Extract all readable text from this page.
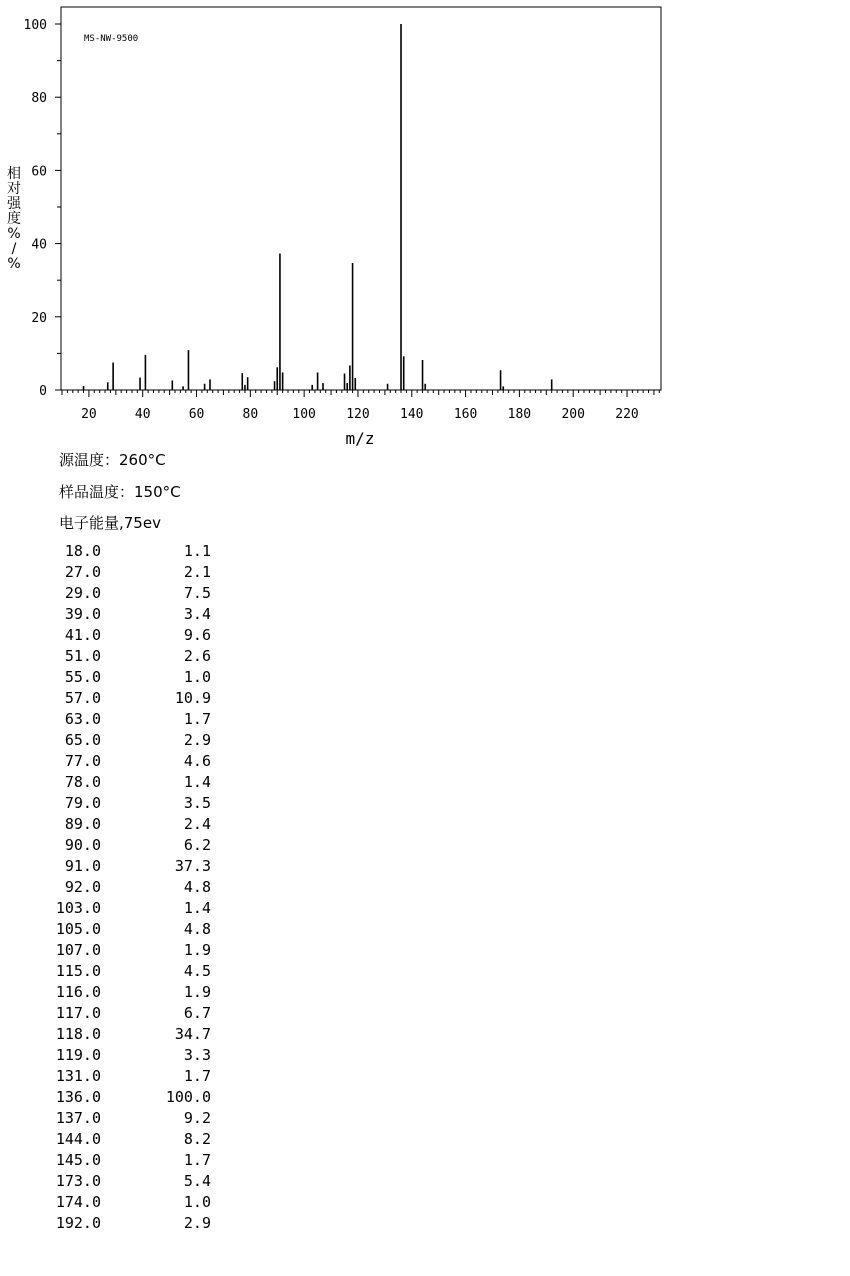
20	40	60	80	100 120 140 160 180 200 220
0
20
40
60
80
100
MS-NW-9500
m/z
相
对
强
度
%
/
%
源温度：260°C
样品温度：150°C
电子能量,75ev
18.0	1.1
27.0	2.1
29.0	7.5
39.0	3.4
41.0	9.6
51.0	2.6
55.0	1.0
57.0	10.9
63.0	1.7
65.0	2.9
77.0	4.6
78.0	1.4
79.0	3.5
89.0	2.4
90.0	6.2
91.0	37.3
92.0	4.8
103.0	1.4
105.0	4.8
107.0	1.9
115.0	4.5
116.0	1.9
117.0	6.7
118.0	34.7
119.0	3.3
131.0	1.7
136.0	100.0
137.0	9.2
144.0	8.2
145.0	1.7
173.0	5.4
174.0	1.0
192.0	2.9
